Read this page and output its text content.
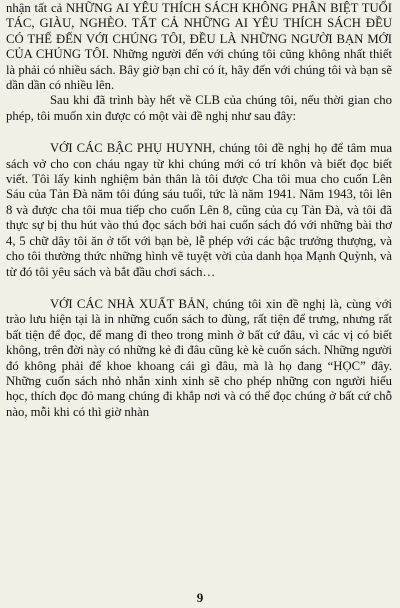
nhận tất cả NHỮNG AI YÊU THÍCH SÁCH KHÔNG PHÂN BIỆT TUỔI TÁC, GIÀU, NGHÈO. TẤT CẢ NHỮNG AI YÊU THÍCH SÁCH ĐỀU CÓ THỂ ĐẾN VỚI CHÚNG TÔI, ĐỀU LÀ NHỮNG NGƯỜI BẠN MỚI CỦA CHÚNG TÔI. Những người đến với chúng tôi cũng không nhất thiết là phải có nhiều sách. Bây giờ bạn chỉ có ít, hãy đến với chúng tôi và bạn sẽ dần dần có nhiều lên.

Sau khi đã trình bày hết về CLB của chúng tôi, nếu thời gian cho phép, tôi muốn xin được có một vài đề nghị như sau đây:

VỚI CÁC BẬC PHỤ HUYNH, chúng tôi đề nghị họ để tâm mua sách vở cho con cháu ngay từ khi chúng mới có trí khôn và biết đọc biết viết. Tôi lấy kinh nghiệm bản thân là tôi được Cha tôi mua cho cuốn Lên Sáu của Tản Đà năm tôi đúng sáu tuổi, tức là năm 1941. Năm 1943, tôi lên 8 và được cha tôi mua tiếp cho cuốn Lên 8, cũng của cụ Tản Đà, và tôi đã thực sự bị thu hút vào thú đọc sách bởi hai cuốn sách đó với những bài thơ 4, 5 chữ dây tôi ăn ở tốt với bạn bè, lễ phép với các bậc trưởng thượng, và cho tôi thường thức những hình vẽ tuyệt vời của danh họa Mạnh Quỳnh, và từ đó tôi yêu sách và bắt đầu chơi sách…

VỚI CÁC NHÀ XUẤT BẢN, chúng tôi xin đề nghị là, cùng với trào lưu hiện tại là in những cuốn sách to đùng, rất tiện để trưng, nhưng rất bất tiện để đọc, để mang đi theo trong mình ở bất cứ đâu, vì các vị có biết không, trên đời này có những kẻ đi đâu cũng kè kè cuốn sách. Những người đó không phải để khoe khoang cái gì đâu, mà là họ đang “HỌC” đây. Những cuốn sách nhỏ nhắn xinh xinh sẽ cho phép những con người hiếu học, thích đọc đỏ mang chúng đi khắp nơi và có thể đọc chúng ở bất cứ chỗ nào, mỗi khi có thì giờ nhàn

9
